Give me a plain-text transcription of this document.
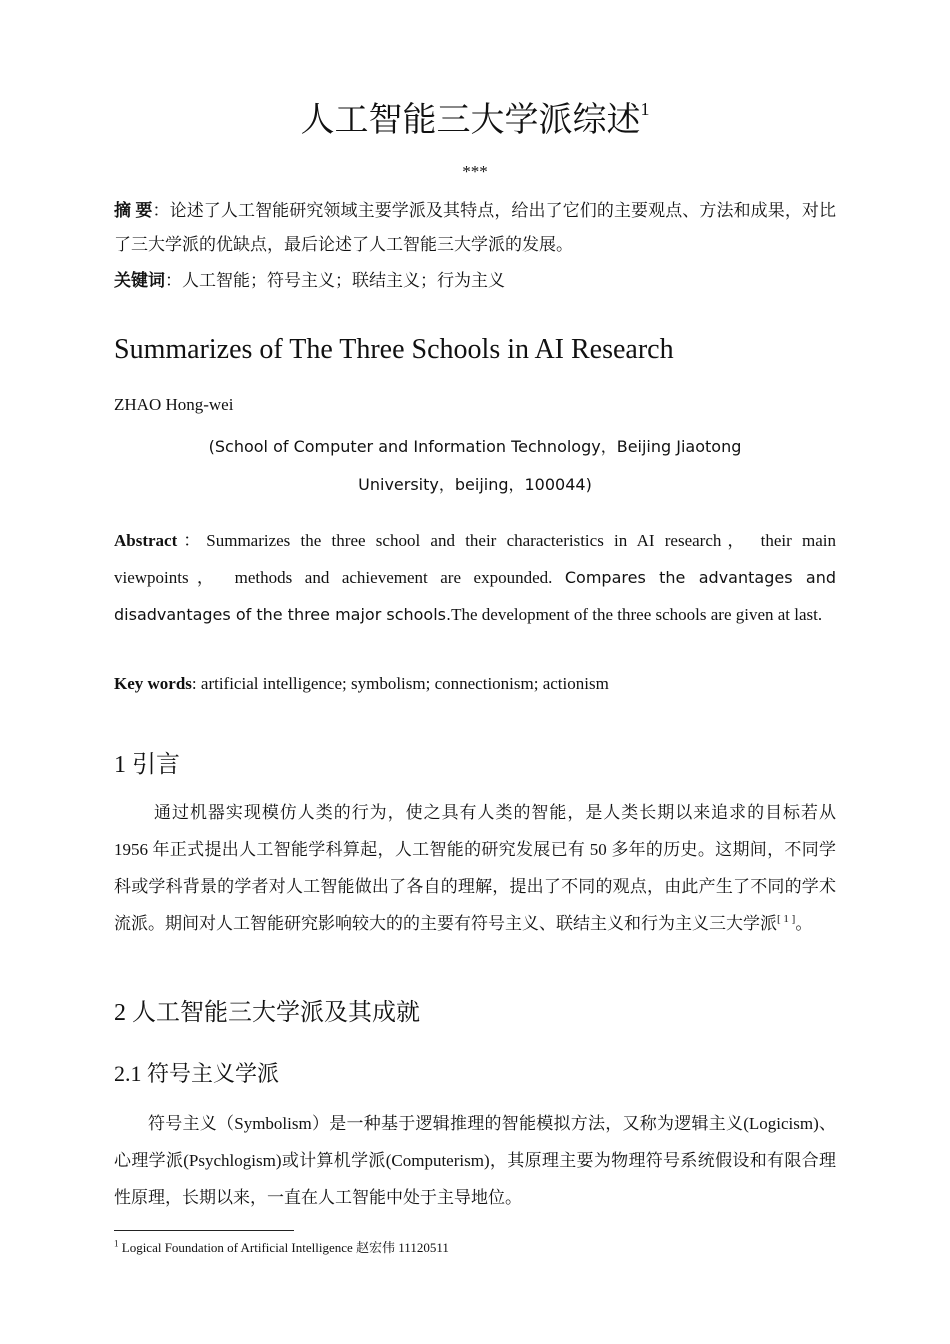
人工智能三大学派综述$^1$
***
摘 要：论述了人工智能研究领域主要学派及其特点，给出了它们的主要观点、方法和成果，对比了三大学派的优缺点，最后论述了人工智能三大学派的发展。
关键词：人工智能；符号主义；联结主义；行为主义
Summarizes of The Three Schools in AI Research
ZHAO Hong-wei
(School of Computer and Information Technology，Beijing Jiaotong
University，beijing，100044)
Abstract：Summarizes the three school and their characteristics in AI research， their main viewpoints， methods and achievement are expounded. Compares the advantages and disadvantages of the three major schools.The development of the three schools are given at last.
Key words: artificial intelligence; symbolism; connectionism; actionism
1 引言
通过机器实现模仿人类的行为，使之具有人类的智能，是人类长期以来追求的目标若从 1956 年正式提出人工智能学科算起，人工智能的研究发展已有 50 多年的历史。这期间，不同学科或学科背景的学者对人工智能做出了各自的理解，提出了不同的观点，由此产生了不同的学术流派。期间对人工智能研究影响较大的的主要有符号主义、联结主义和行为主义三大学派[ 1 ]。
2 人工智能三大学派及其成就
2.1 符号主义学派
符号主义（Symbolism）是一种基于逻辑推理的智能模拟方法，又称为逻辑主义(Logicism)、心理学派(Psychlogism)或计算机学派(Computerism)，其原理主要为物理符号系统假设和有限合理性原理，长期以来，一直在人工智能中处于主导地位。
$^1$ Logical Foundation of Artificial Intelligence 赵宏伟 11120511
